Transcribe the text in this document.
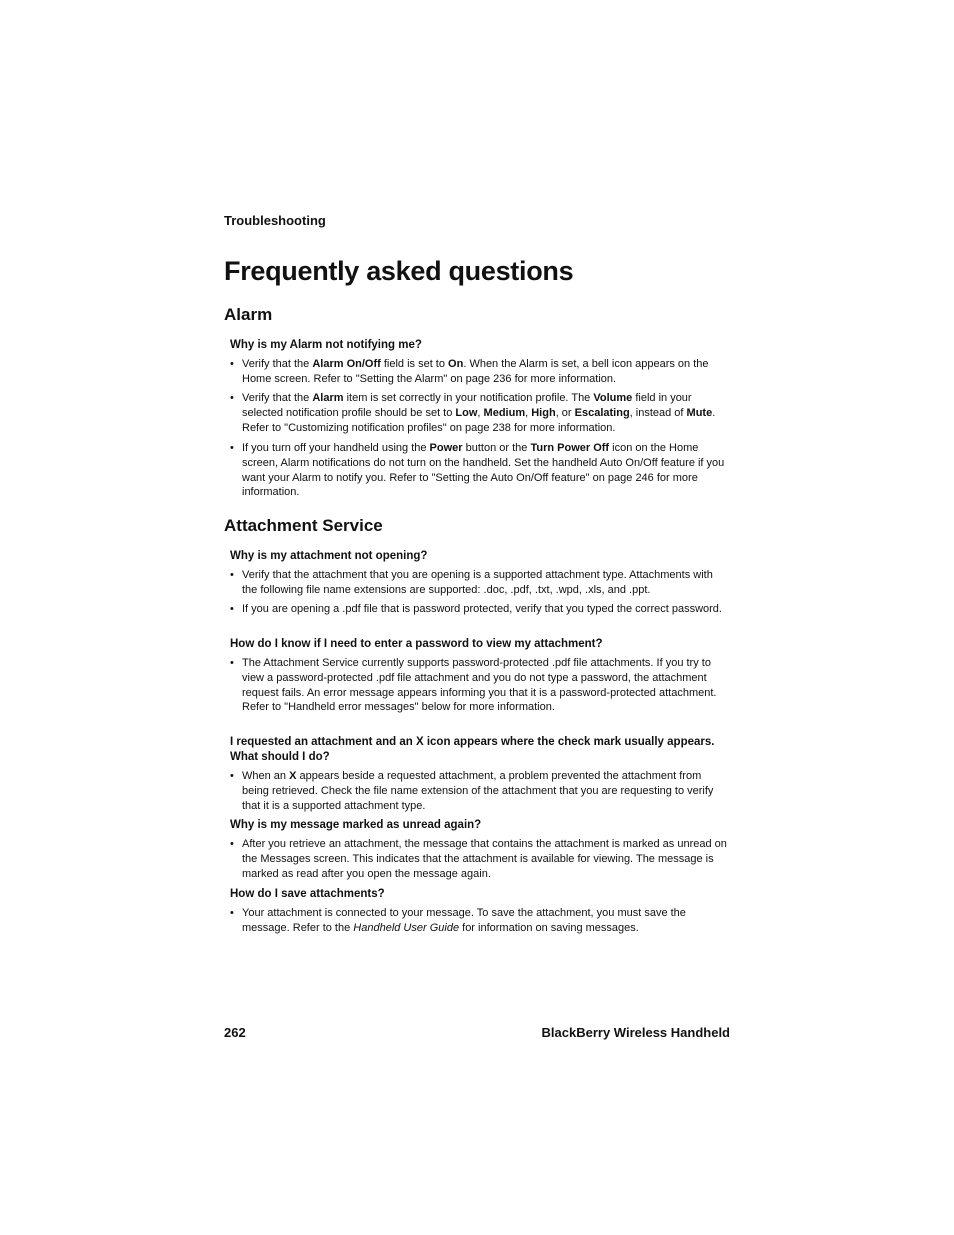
Troubleshooting
Frequently asked questions
Alarm

Why is my Alarm not notifying me?

• Verify that the Alarm On/Off field is set to On. When the Alarm is set, a bell icon appears on the Home screen. Refer to "Setting the Alarm" on page 236 for more information.
• Verify that the Alarm item is set correctly in your notification profile. The Volume field in your selected notification profile should be set to Low, Medium, High, or Escalating, instead of Mute. Refer to "Customizing notification profiles" on page 238 for more information.
• If you turn off your handheld using the Power button or the Turn Power Off icon on the Home screen, Alarm notifications do not turn on the handheld. Set the handheld Auto On/Off feature if you want your Alarm to notify you. Refer to "Setting the Auto On/Off feature" on page 246 for more information.
Attachment Service

Why is my attachment not opening?

• Verify that the attachment that you are opening is a supported attachment type. Attachments with the following file name extensions are supported: .doc, .pdf, .txt, .wpd, .xls, and .ppt.
• If you are opening a .pdf file that is password protected, verify that you typed the correct password.

How do I know if I need to enter a password to view my attachment?

• The Attachment Service currently supports password-protected .pdf file attachments. If you try to view a password-protected .pdf file attachment and you do not type a password, the attachment request fails. An error message appears informing you that it is a password-protected attachment. Refer to "Handheld error messages" below for more information.

I requested an attachment and an X icon appears where the check mark usually appears. What should I do?

• When an X appears beside a requested attachment, a problem prevented the attachment from being retrieved. Check the file name extension of the attachment that you are requesting to verify that it is a supported attachment type.

Why is my message marked as unread again?

• After you retrieve an attachment, the message that contains the attachment is marked as unread on the Messages screen. This indicates that the attachment is available for viewing. The message is marked as read after you open the message again.

How do I save attachments?

• Your attachment is connected to your message. To save the attachment, you must save the message. Refer to the Handheld User Guide for information on saving messages.
262	BlackBerry Wireless Handheld
